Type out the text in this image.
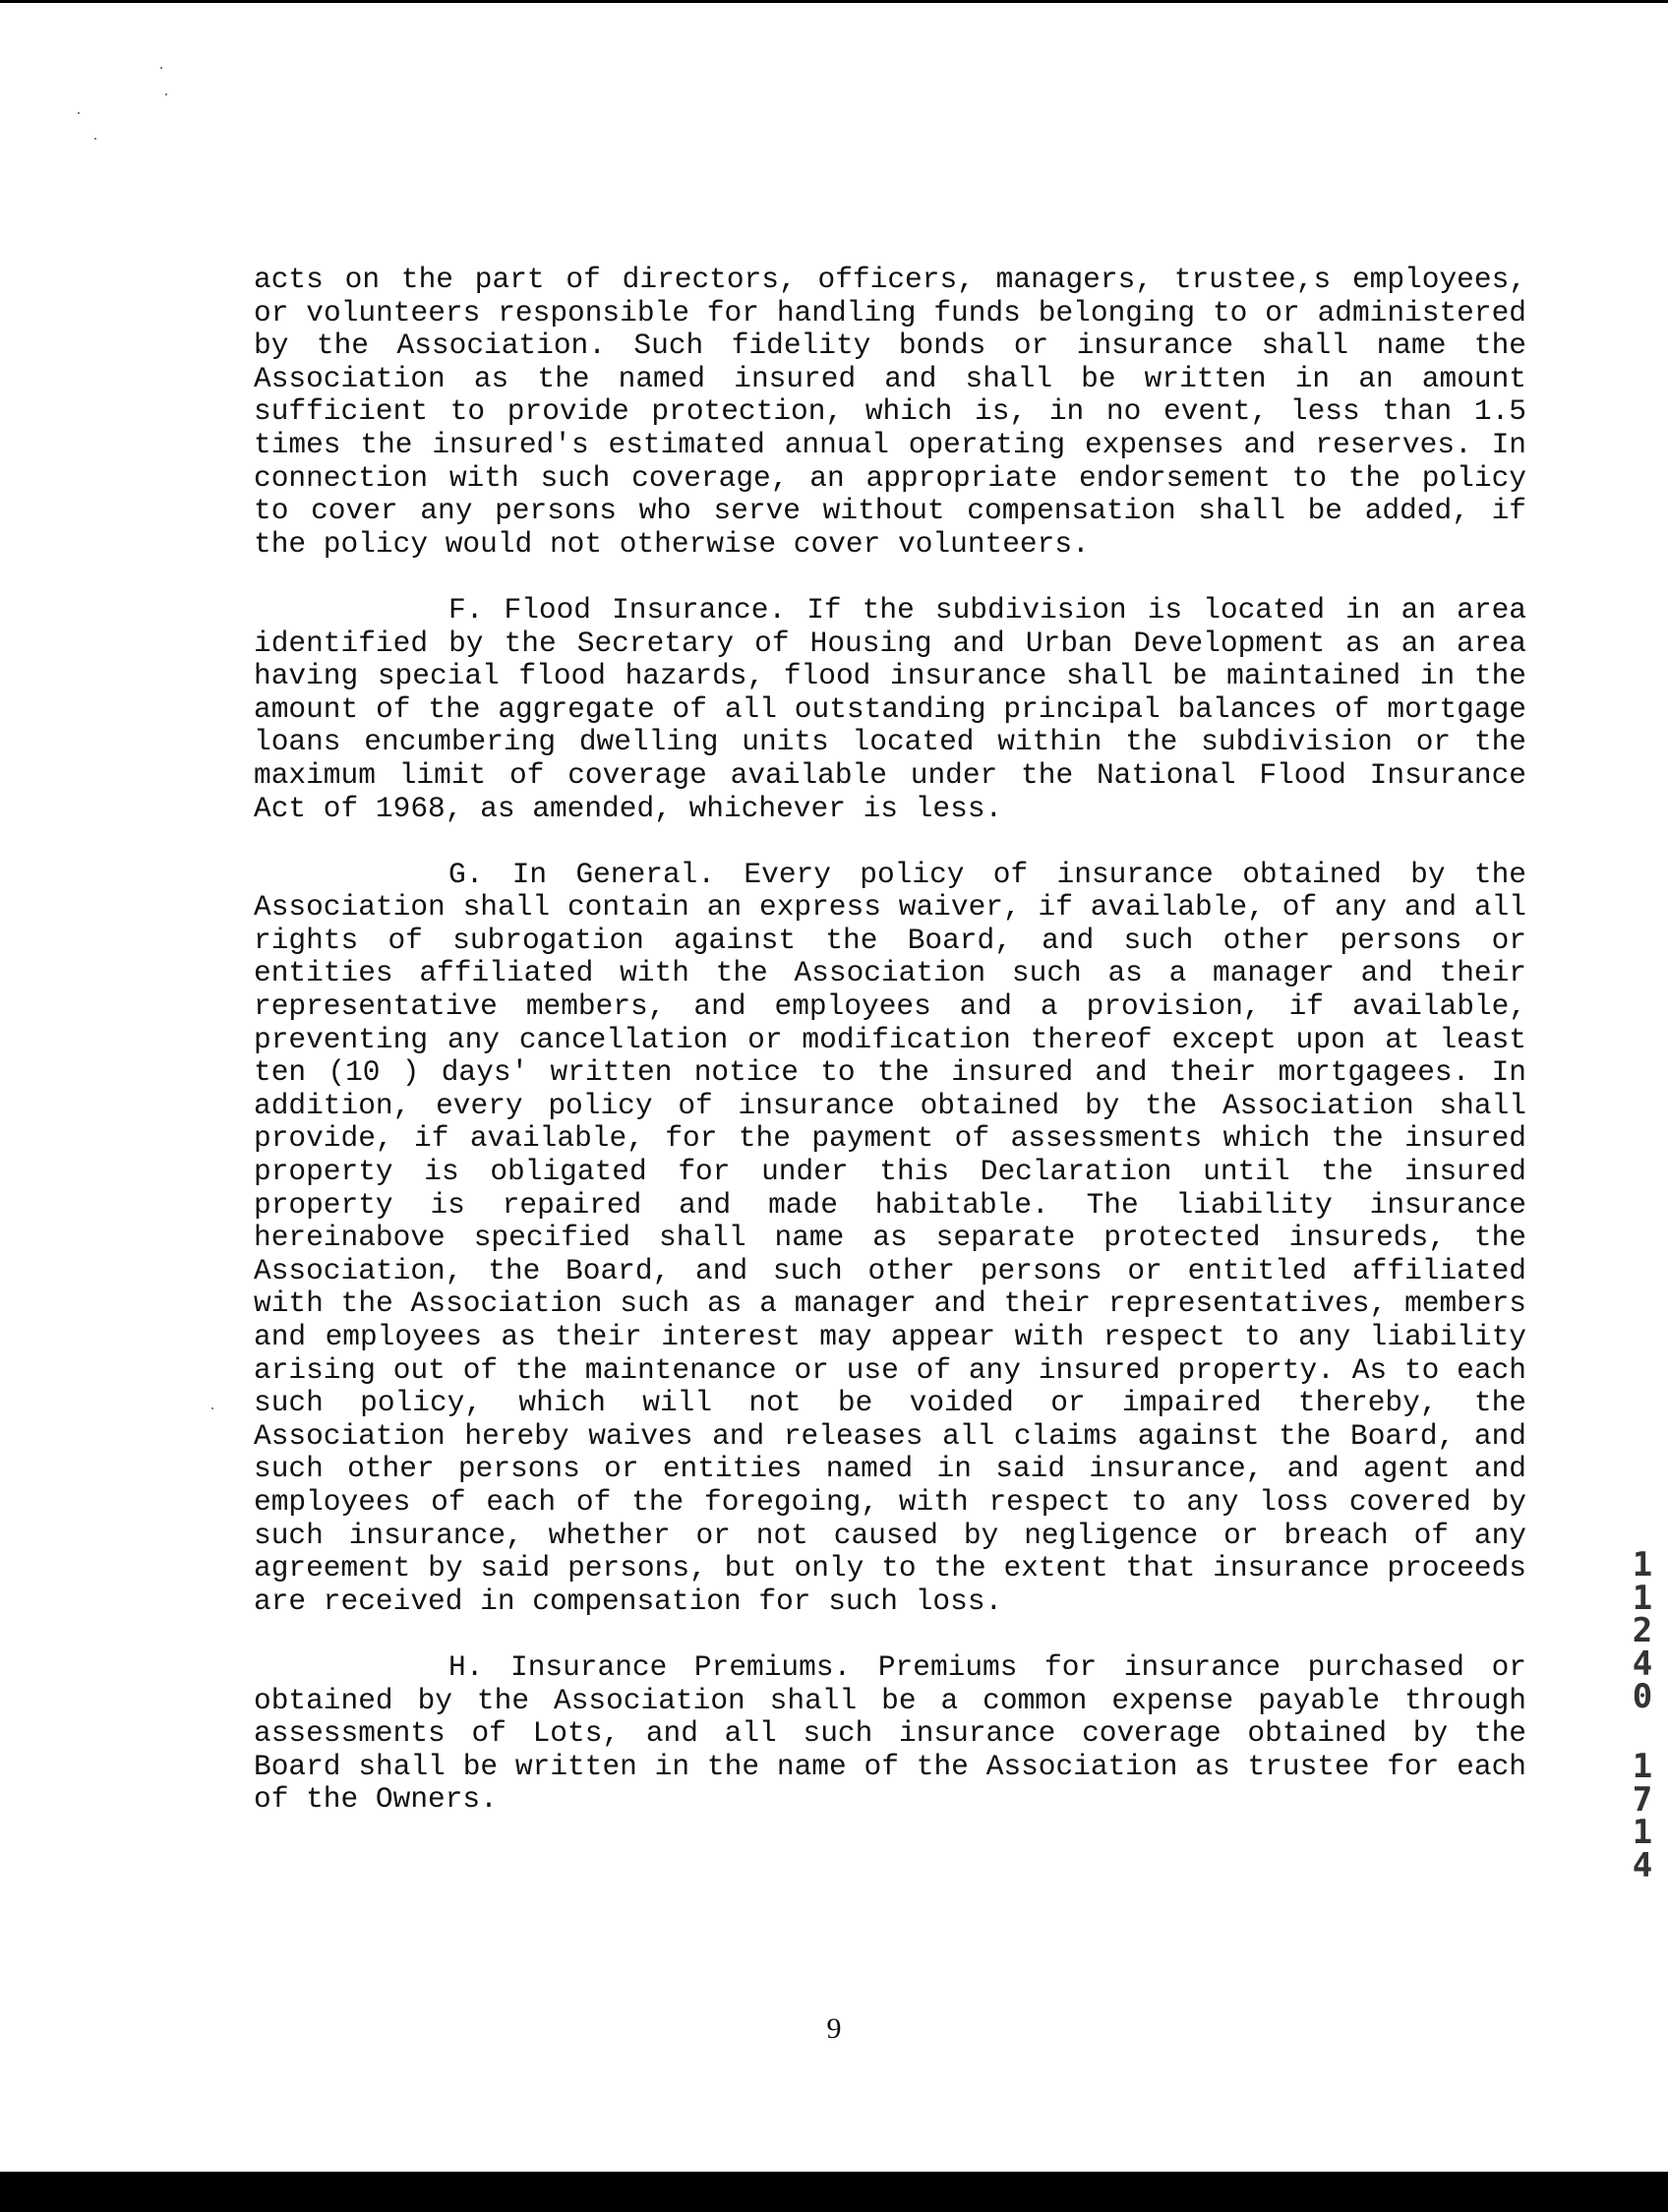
acts on the part of directors, officers, managers, trustee,s employees, or volunteers responsible for handling funds belonging to or administered by the Association. Such fidelity bonds or insurance shall name the Association as the named insured and shall be written in an amount sufficient to provide protection, which is, in no event, less than 1.5 times the insured's estimated annual operating expenses and reserves. In connection with such coverage, an appropriate endorsement to the policy to cover any persons who serve without compensation shall be added, if the policy would not otherwise cover volunteers.

F. Flood Insurance. If the subdivision is located in an area identified by the Secretary of Housing and Urban Development as an area having special flood hazards, flood insurance shall be maintained in the amount of the aggregate of all outstanding principal balances of mortgage loans encumbering dwelling units located within the subdivision or the maximum limit of coverage available under the National Flood Insurance Act of 1968, as amended, whichever is less.

G. In General. Every policy of insurance obtained by the Association shall contain an express waiver, if available, of any and all rights of subrogation against the Board, and such other persons or entities affiliated with the Association such as a manager and their representative members, and employees and a provision, if available, preventing any cancellation or modification thereof except upon at least ten (10 ) days' written notice to the insured and their mortgagees. In addition, every policy of insurance obtained by the Association shall provide, if available, for the payment of assessments which the insured property is obligated for under this Declaration until the insured property is repaired and made habitable. The liability insurance hereinabove specified shall name as separate protected insureds, the Association, the Board, and such other persons or entitled affiliated with the Association such as a manager and their representatives, members and employees as their interest may appear with respect to any liability arising out of the maintenance or use of any insured property. As to each such policy, which will not be voided or impaired thereby, the Association hereby waives and releases all claims against the Board, and such other persons or entities named in said insurance, and agent and employees of each of the foregoing, with respect to any loss covered by such insurance, whether or not caused by negligence or breach of any agreement by said persons, but only to the extent that insurance proceeds are received in compensation for such loss.

H. Insurance Premiums. Premiums for insurance purchased or obtained by the Association shall be a common expense payable through assessments of Lots, and all such insurance coverage obtained by the Board shall be written in the name of the Association as trustee for each of the Owners.

1
1
2
4
0
1
7
1
4
9
